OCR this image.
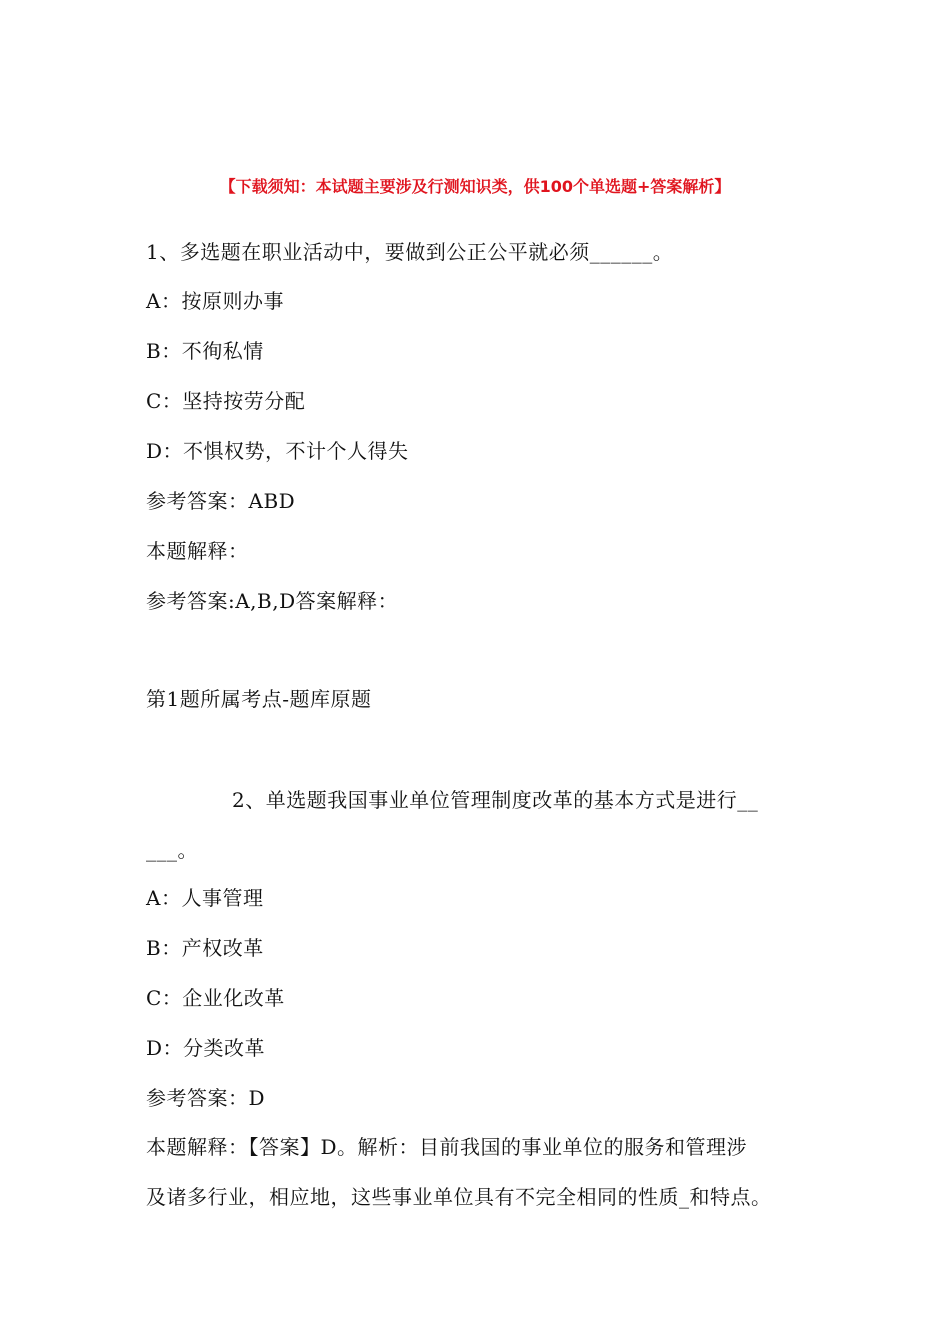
【下载须知：本试题主要涉及行测知识类，供100个单选题+答案解析】
1、多选题在职业活动中，要做到公正公平就必须______。
A：按原则办事
B：不徇私情
C：坚持按劳分配
D：不惧权势，不计个人得失
参考答案：ABD
本题解释：
参考答案:A,B,D答案解释：
第1题所属考点-题库原题
2、单选题我国事业单位管理制度改革的基本方式是进行__
___。
A：人事管理
B：产权改革
C：企业化改革
D：分类改革
参考答案：D
本题解释：【答案】D。解析：目前我国的事业单位的服务和管理涉
及诸多行业，相应地，这些事业单位具有不完全相同的性质_和特点。
